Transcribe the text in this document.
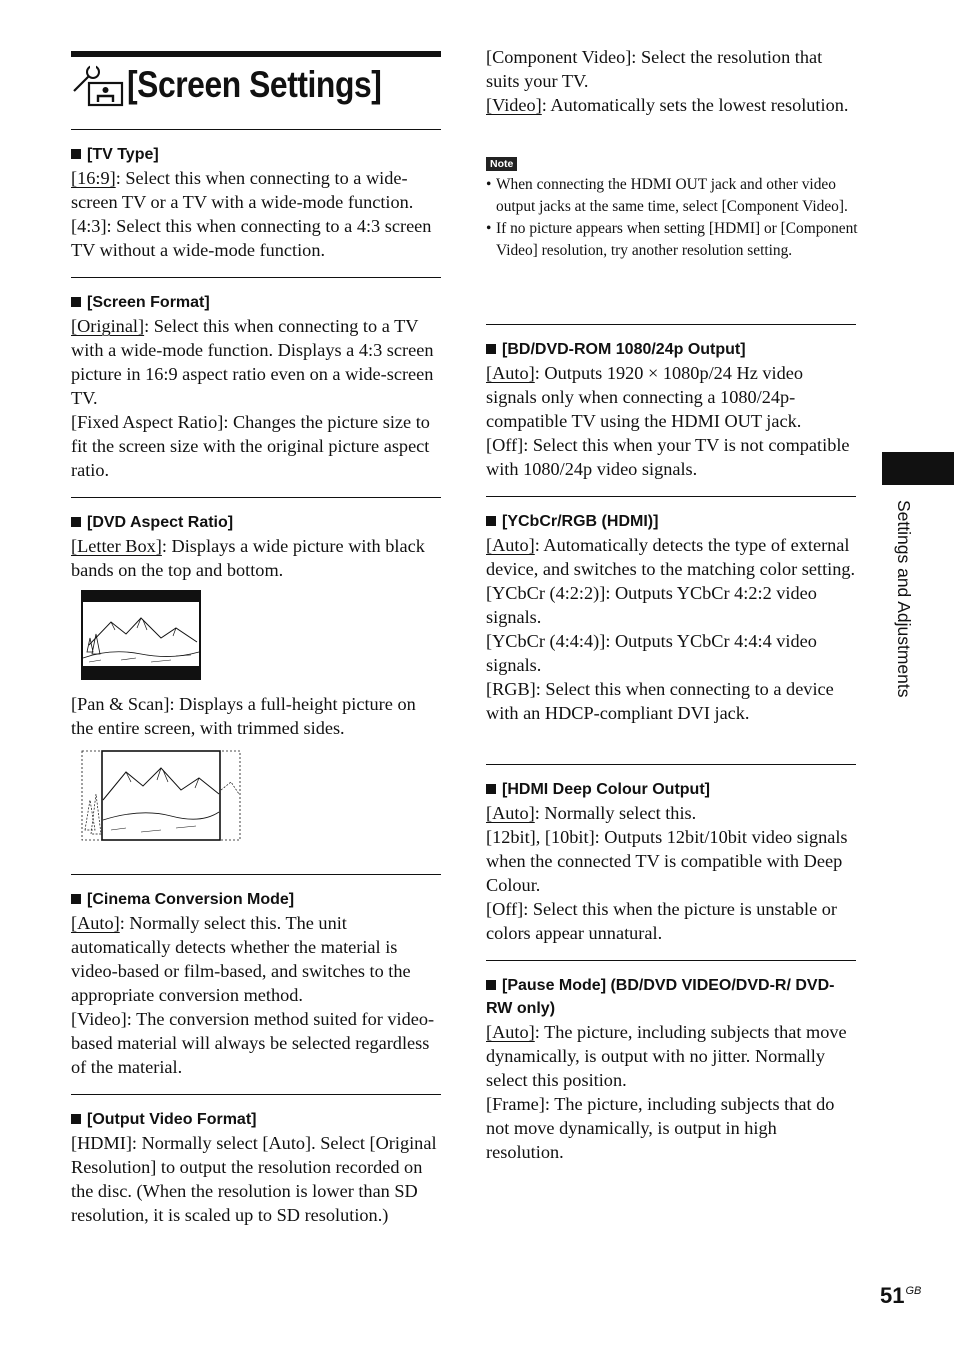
[Screen Settings]
[TV Type]

[16:9]: Select this when connecting to a wide-screen TV or a TV with a wide-mode function.

[4:3]: Select this when connecting to a 4:3 screen TV without a wide-mode function.

[Screen Format]

[Original]: Select this when connecting to a TV with a wide-mode function. Displays a 4:3 screen picture in 16:9 aspect ratio even on a wide-screen TV.

[Fixed Aspect Ratio]: Changes the picture size to fit the screen size with the original picture aspect ratio.

[DVD Aspect Ratio]

[Letter Box]: Displays a wide picture with black bands on the top and bottom.

[Pan & Scan]: Displays a full-height picture on the entire screen, with trimmed sides.

[Cinema Conversion Mode]

[Auto]: Normally select this. The unit automatically detects whether the material is video-based or film-based, and switches to the appropriate conversion method.

[Video]: The conversion method suited for video-based material will always be selected regardless of the material.

[Output Video Format]

[HDMI]: Normally select [Auto]. Select [Original Resolution] to output the resolution recorded on the disc. (When the resolution is lower than SD resolution, it is scaled up to SD resolution.)

[Component Video]: Select the resolution that suits your TV.

[Video]: Automatically sets the lowest resolution.

Note
• When connecting the HDMI OUT jack and other video output jacks at the same time, select [Component Video].
• If no picture appears when setting [HDMI] or [Component Video] resolution, try another resolution setting.
[BD/DVD-ROM 1080/24p Output]

[Auto]: Outputs 1920 × 1080p/24 Hz video signals only when connecting a 1080/24p-compatible TV using the HDMI OUT jack.

[Off]: Select this when your TV is not compatible with 1080/24p video signals.

[YCbCr/RGB (HDMI)]

[Auto]: Automatically detects the type of external device, and switches to the matching color setting.

[YCbCr (4:2:2)]: Outputs YCbCr 4:2:2 video signals.

[YCbCr (4:4:4)]: Outputs YCbCr 4:4:4 video signals.

[RGB]: Select this when connecting to a device with an HDCP-compliant DVI jack.

[HDMI Deep Colour Output]

[Auto]: Normally select this.

[12bit], [10bit]: Outputs 12bit/10bit video signals when the connected TV is compatible with Deep Colour.

[Off]: Select this when the picture is unstable or colors appear unnatural.

[Pause Mode] (BD/DVD VIDEO/DVD-R/ DVD-RW only)

[Auto]: The picture, including subjects that move dynamically, is output with no jitter. Normally select this position.

[Frame]: The picture, including subjects that do not move dynamically, is output in high resolution.

Settings and Adjustments
$51^{GB}$
